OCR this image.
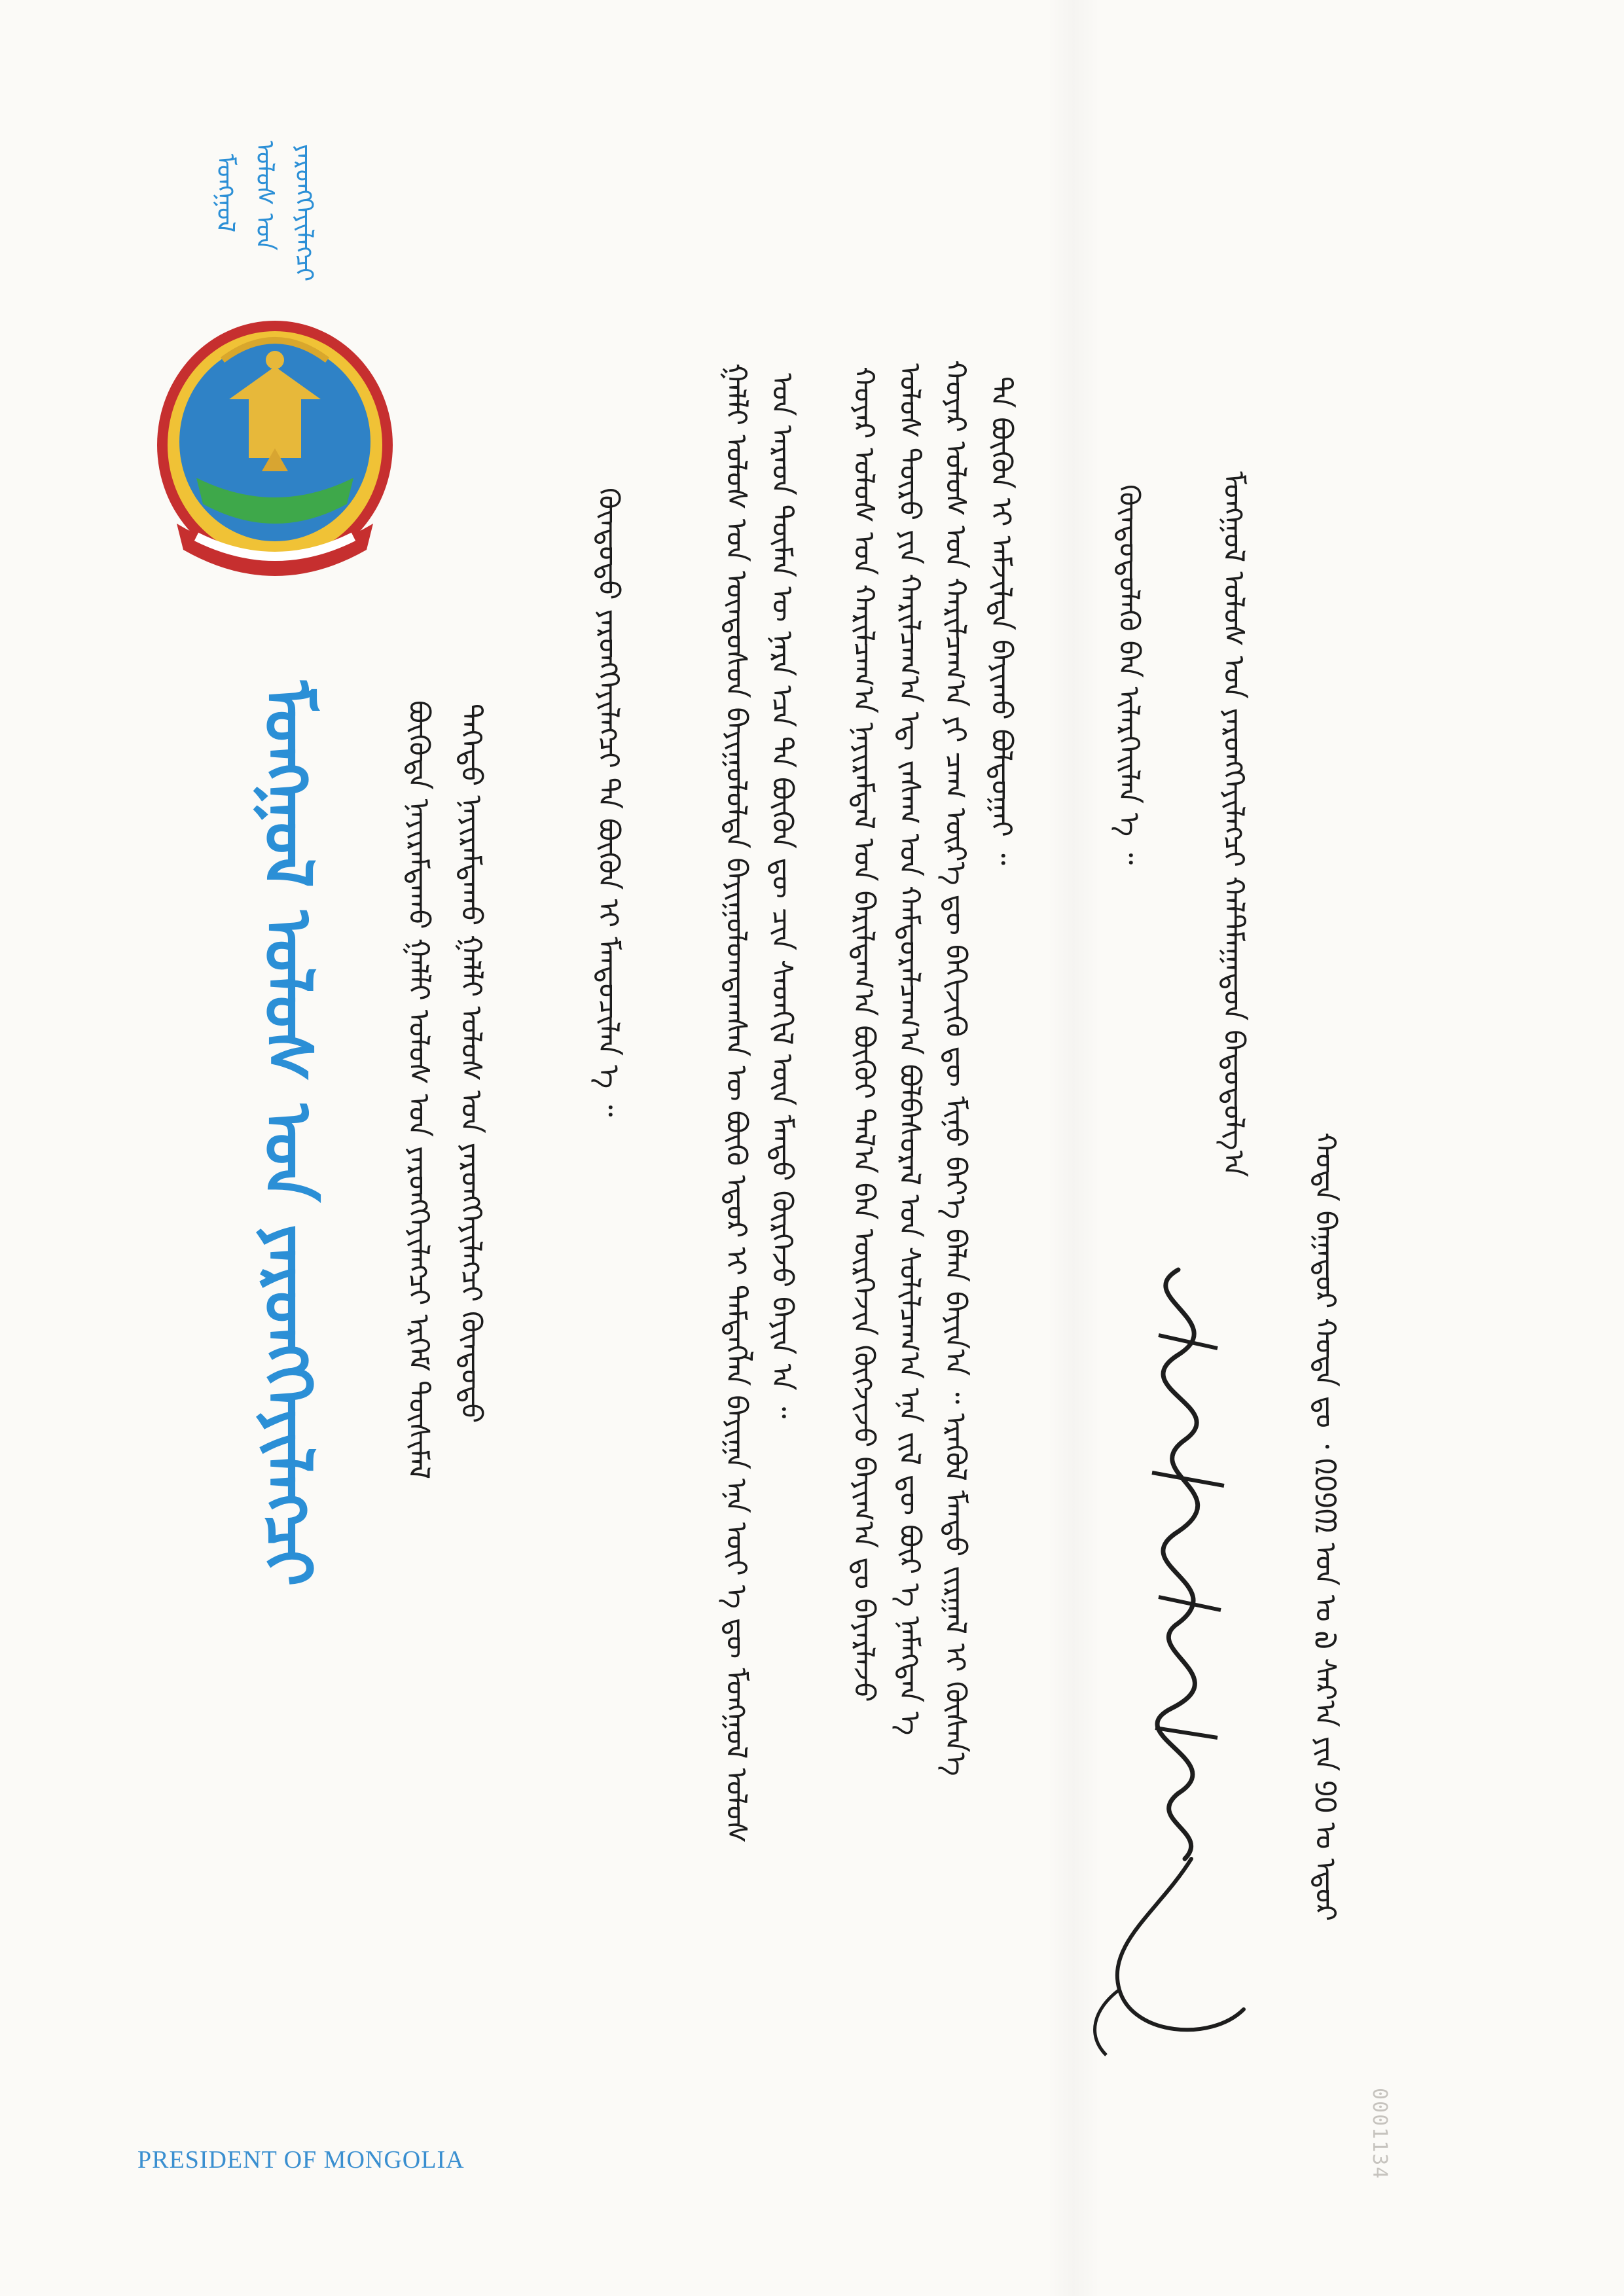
ᠮᠣᠩᠭᠣᠯ ᠤᠯᠤᠰ ᠤᠨ ᠶᠡᠷᠦᠩᠬᠡᠶᠢᠯᠡᠭᠴᠢ
ᠮᠣᠩᠭᠣᠯ ᠤᠯᠤᠰ ᠤᠨ ᠶᠡᠷᠦᠩᠬᠡᠶᠢᠯᠡᠭᠴᠢ	ᠪᠦᠭᠦᠳᠡ ᠨᠠᠶᠢᠷᠠᠮᠳᠠᠬᠤ ᠭᠠᠯᠯᠢ ᠤᠯᠤᠰ ᠤᠨ ᠶᠡᠷᠦᠩᠬᠡᠶᠢᠯᠡᠭᠴᠢ ᠡᠷᠬᠡᠮ ᠲᠦᠰᠢᠮᠡᠯ ᠳᠡᠭᠡᠳᠦ ᠨᠠᠶᠢᠷᠠᠮᠳᠠᠬᠤ ᠭᠠᠯᠯᠢ ᠤᠯᠤᠰ ᠤᠨ ᠶᠡᠷᠦᠩᠬᠡᠶᠢᠯᠡᠭᠴᠢ ᠬᠦᠨᠳᠦᠳᠦ	ᠬᠦᠨᠳᠦᠳᠦ ᠶᠡᠷᠦᠩᠬᠡᠶᠢᠯᠡᠭᠴᠢ ᠲᠠ ᠪᠦᠬᠦᠨ ᠢ ᠮᠡᠨᠳᠦᠴᠢᠯᠡᠨ ᠡ ᠃	ᠭᠠᠯᠯᠢ ᠤᠯᠤᠰ ᠤᠨ ᠦᠨᠳᠦᠰᠦᠨ ᠪᠠᠶᠢᠭᠤᠯᠤᠯᠲᠠ ᠪᠠᠶᠢᠭᠤᠯᠤᠭᠳᠠᠭᠰᠠᠨ ᠦ ᠪᠦᠬᠦ ᠡᠳᠦᠷ ᠢ ᠲᠡᠮᠳᠡᠭᠯᠡᠨ ᠪᠠᠶᠢᠭᠠ ᠡᠨᠡ ᠦᠶ ᠡ ᠳᠦ ᠮᠣᠩᠭᠣᠯ ᠤᠯᠤᠰ ᠤᠨ ᠠᠷᠠᠳ ᠲᠦᠮᠡᠨ ᠦ ᠨᠡᠷᠡ ᠡᠴᠡ ᠲᠠ ᠪᠦᠬᠦᠨ ᠳᠦ ᠴᠢᠨ ᠰᠡᠳᠬᠢᠯ ᠦᠨ ᠮᠡᠨᠳᠦ ᠬᠦᠷᠭᠡᠵᠦ ᠪᠠᠶᠢᠨ ᠠ ᠃ ᠬᠣᠶᠠᠷ ᠤᠯᠤᠰ ᠤᠨ ᠬᠠᠷᠢᠯᠴᠠᠭ᠎ᠠ ᠨᠠᠶᠢᠷᠠᠮᠳᠠᠯ ᠤᠨ ᠪᠠᠷᠢᠯᠳᠠᠭ᠎ᠠ ᠪᠦᠬᠦᠢ ᠲᠠᠯ᠎ᠠ ᠪᠠᠨ ᠥᠷᠭᠡᠵᠢᠨ ᠬᠥᠭᠵᠢᠵᠦ ᠪᠠᠶᠢᠭ᠎ᠠ ᠳᠤ ᠪᠠᠶᠠᠷᠯᠠᠵᠤ ᠤᠯᠤᠰ ᠲᠥᠷᠦ ᠶᠢᠨ ᠬᠠᠷᠢᠯᠴᠠᠭ᠎ᠠ ᠡᠳ᠋ ᠵᠠᠰᠠᠭ ᠤᠨ ᠬᠠᠮᠳᠤᠷᠠᠯᠴᠠᠭ᠎ᠠ ᠪᠣᠯᠪᠠᠰᠤᠷᠠᠯ ᠤᠨ ᠰᠣᠯᠢᠯᠴᠠᠭ᠎ᠠ ᠡᠨᠡ ᠵᠢᠯ ᠳᠦ ᠪᠦᠷ ᠡ ᠨᠡᠮᠡᠭᠳᠡᠨ ᠡ ᠬᠣᠶᠠᠷ ᠤᠯᠤᠰ ᠤᠨ ᠬᠠᠷᠢᠯᠴᠠᠭ᠎ᠠ ᠶᠢ ᠴᠠᠭ ᠦᠷ᠎ᠡ ᠳᠦ ᠪᠡᠬᠢᠵᠢᠬᠦ ᠳᠦ ᠮᠢᠨᠦ ᠪᠡᠶ᠎ᠡ ᠪᠡᠯᠡᠨ ᠪᠠᠶᠢᠨ᠎ᠠ ᠃ ᠡᠷᠡᠭᠦᠯ ᠮᠡᠨᠳᠦ ᠵᠢᠷᠭᠠᠯ ᠢ ᠬᠦᠰᠡᠨ᠎ᠡ ᠲᠠ ᠪᠦᠬᠦᠨ ᠢ ᠠᠮᠵᠢᠯᠲᠠ ᠪᠠᠶᠢᠬᠤ ᠪᠣᠯᠲᠤᠭᠠᠢ ᠃	ᠬᠦᠨᠳᠦᠳᠦᠯᠡᠬᠦ ᠪᠠᠨ ᠢᠯᠡᠷᠬᠡᠢᠯᠡᠨ ᠡ ᠃ ᠮᠣᠩᠭᠣᠯ ᠤᠯᠤᠰ ᠤᠨ ᠶᠡᠷᠦᠩᠬᠡᠶᠢᠯᠡᠭᠴᠢ ᠬᠠᠯᠲᠮᠠᠭᠠᠳᠤᠨ ᠪᠠᠲᠤᠲᠤᠯᠭ᠎ᠠ
ᠬᠣᠳᠠ ᠪᠠᠭᠠᠲᠤᠷ ᠬᠣᠲᠠ ᠳᠤ ᠂ ᠒᠐᠑᠓ ᠣᠨ ᠤ ᠗ ᠰᠠᠷ᠎ᠠ ᠶᠢᠨ ᠑᠐ ᠤ ᠡᠳᠦᠷ
PRESIDENT OF MONGOLIA	0001134
